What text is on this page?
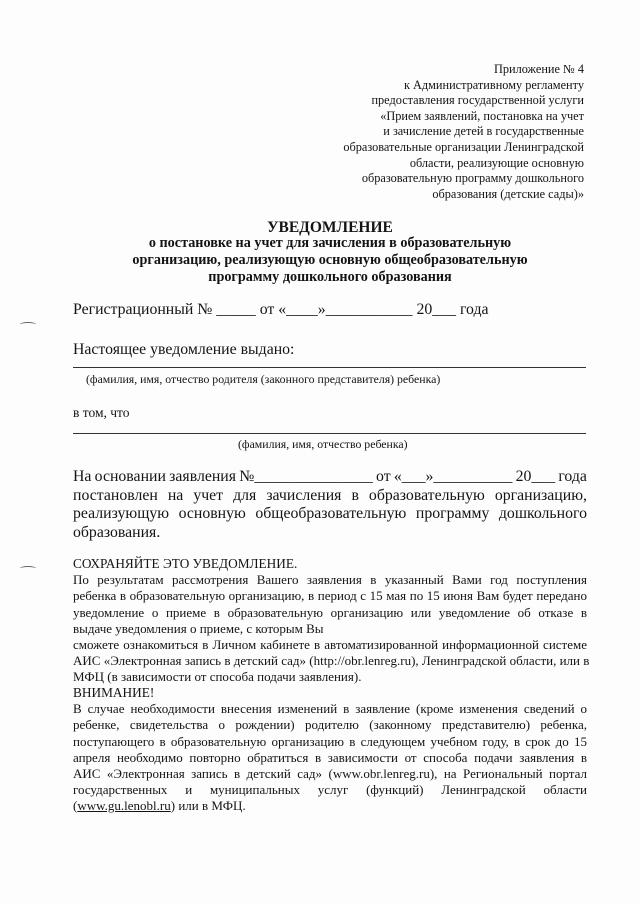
Приложение № 4
к Административному регламенту
предоставления государственной услуги
«Прием заявлений, постановка на учет
и зачисление детей в государственные
образовательные организации Ленинградской
области, реализующие основную
образовательную программу дошкольного
образования (детские сады)»
УВЕДОМЛЕНИЕ
о постановке на учет для зачисления в образовательную
организацию, реализующую основную общеобразовательную
программу дошкольного образования
Регистрационный № _____ от «____»___________ 20___ года
Настоящее уведомление выдано:
(фамилия, имя, отчество родителя (законного представителя) ребенка)
в том, что
(фамилия, имя, отчество ребенка)
На основании заявления №_______________ от «___»__________ 20___ года
постановлен на учет для зачисления в образовательную организацию,
реализующую основную общеобразовательную программу дошкольного
образования.
СОХРАНЯЙТЕ ЭТО УВЕДОМЛЕНИЕ.
По результатам рассмотрения Вашего заявления в указанный Вами год поступления
ребенка в образовательную организацию, в период с 15 мая по 15 июня Вам будет передано
уведомление о приеме в образовательную организацию или уведомление об отказе в
выдаче уведомления о приеме, с которым Вы
сможете ознакомиться в Личном кабинете в автоматизированной информационной системе
АИС «Электронная запись в детский сад» (http://obr.lenreg.ru), Ленинградской области, или в
МФЦ (в зависимости от способа подачи заявления).
ВНИМАНИЕ!
В случае необходимости внесения изменений в заявление (кроме изменения сведений о
ребенке, свидетельства о рождении) родителю (законному представителю) ребенка,
поступающего в образовательную организацию в следующем учебном году, в срок до 15
апреля необходимо повторно обратиться в зависимости от способа подачи заявления в
АИС «Электронная запись в детский сад» (www.obr.lenreg.ru), на Региональный портал
государственных и муниципальных услуг (функций) Ленинградской области
(www.gu.lenobl.ru) или в МФЦ.
